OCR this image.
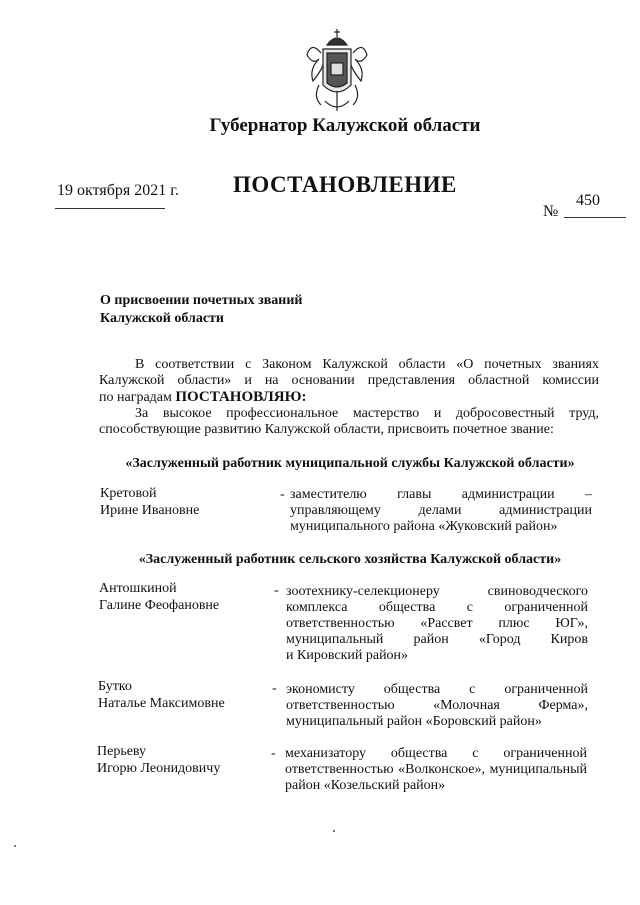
Губернатор Калужской области
19 октября 2021 г. ПОСТАНОВЛЕНИЕ
450
№
О присвоении почетных званий
Калужской области
В соответствии с Законом Калужской области «О почетных званиях
Калужской области» и на основании представления областной комиссии
по наградам ПОСТАНОВЛЯЮ:
За высокое профессиональное мастерство и добросовестный труд,
способствующие развитию Калужской области, присвоить почетное звание:
«Заслуженный работник муниципальной службы Калужской области»
Кретовой
Ирине Ивановне
- заместителю главы администрации –
управляющему делами администрации
муниципального района «Жуковский район»
«Заслуженный работник сельского хозяйства Калужской области»
Антошкиной
Галине Феофановне
- зоотехнику-селекционеру свиноводческого
комплекса общества с ограниченной
ответственностью «Рассвет плюс ЮГ»,
муниципальный район «Город Киров
и Кировский район»
Бутко
Наталье Максимовне
- экономисту общества с ограниченной
ответственностью «Молочная Ферма»,
муниципальный район «Боровский район»
Перьеву
Игорю Леонидовичу
- механизатору общества с ограниченной
ответственностью «Волконское», муниципальный
район «Козельский район»
